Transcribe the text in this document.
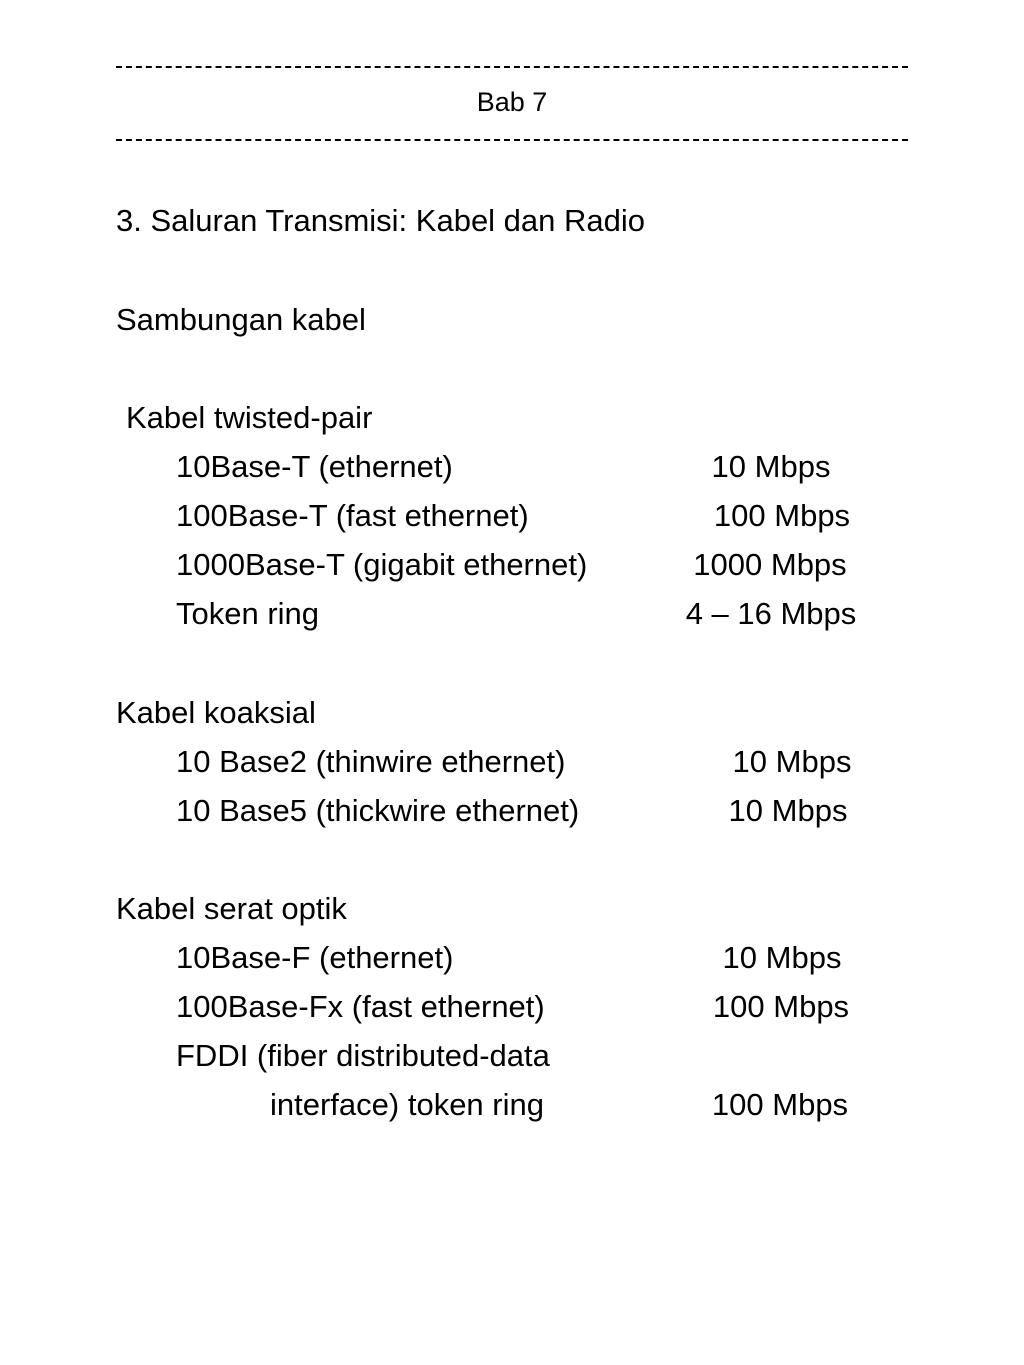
Bab 7
3. Saluran Transmisi: Kabel dan Radio
Sambungan kabel
Kabel twisted-pair
10Base-T (ethernet)	10 Mbps
100Base-T (fast ethernet)	100 Mbps
1000Base-T (gigabit ethernet)	1000 Mbps
Token ring	4 – 16 Mbps
Kabel koaksial
10 Base2 (thinwire ethernet)	10 Mbps
10 Base5 (thickwire ethernet)	10 Mbps
Kabel serat optik
10Base-F (ethernet)	10 Mbps
100Base-Fx (fast ethernet)	100 Mbps
FDDI (fiber distributed-data
interface) token ring	100 Mbps
